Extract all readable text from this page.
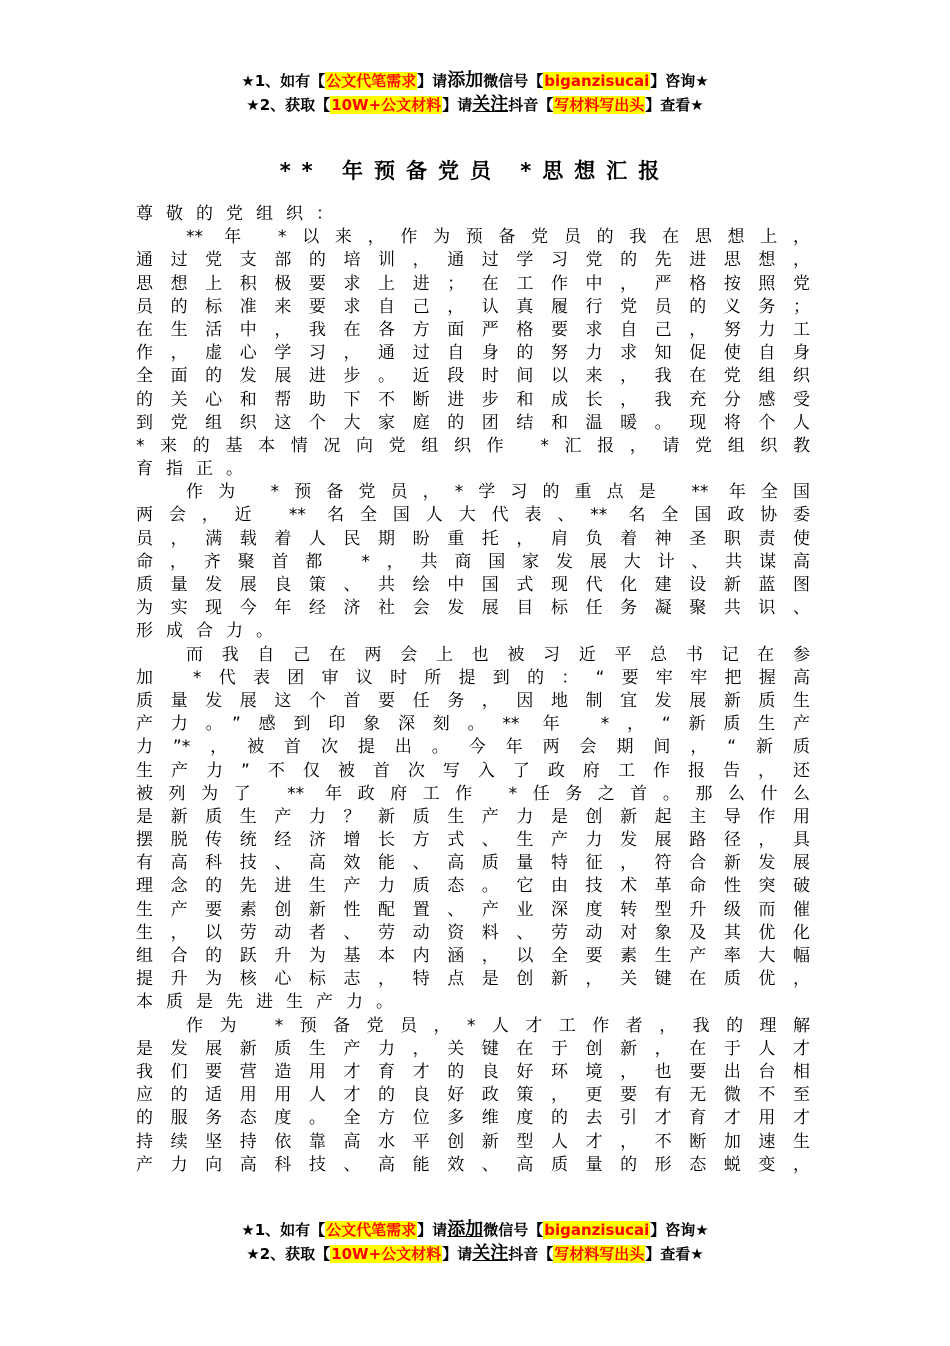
★1、如有【公文代笔需求】请添加微信号【biganzisucai】咨询★
★2、获取【10W+公文材料】请关注抖音【写材料写出头】查看★
** 年预备党员 *思想汇报
尊敬的党组织：
** 年 *以来，作为预备党员的我在思想上，
通过党支部的培训，通过学习党的先进思想，
思想上积极要求上进；在工作中，严格按照党
员的标准来要求自己，认真履行党员的义务；
在生活中，我在各方面严格要求自己，努力工
作，虚心学习，通过自身的努力求知促使自身
全面的发展进步。近段时间以来，我在党组织
的关心和帮助下不断进步和成长，我充分感受
到党组织这个大家庭的团结和温暖。现将个人
*来的基本情况向党组织作 *汇报，请党组织教
育指正。
作为 *预备党员，*学习的重点是 ** 年全国
两会，近 ** 名全国人大代表、** 名全国政协委
员，满载着人民期盼重托，肩负着神圣职责使
命，齐聚首都 *，共商国家发展大计、共谋高
质量发展良策、共绘中国式现代化建设新蓝图
为实现今年经济社会发展目标任务凝聚共识、
形成合力。
而我自己在两会上也被习近平总书记在参
加 *代表团审议时所提到的：“要牢牢把握高
质量发展这个首要任务，因地制宜发展新质生
产力。”感到印象深刻。** 年 *，“新质生产
力”*，被首次提出。今年两会期间，“新质
生产力”不仅被首次写入了政府工作报告，还
被列为了 ** 年政府工作 *任务之首。那么什么
是新质生产力？新质生产力是创新起主导作用
摆脱传统经济增长方式、生产力发展路径，具
有高科技、高效能、高质量特征，符合新发展
理念的先进生产力质态。它由技术革命性突破
生产要素创新性配置、产业深度转型升级而催
生，以劳动者、劳动资料、劳动对象及其优化
组合的跃升为基本内涵，以全要素生产率大幅
提升为核心标志，特点是创新，关键在质优，
本质是先进生产力。
作为 *预备党员，*人才工作者，我的理解
是发展新质生产力，关键在于创新，在于人才
我们要营造用才育才的良好环境，也要出台相
应的适用用人才的良好政策，更要有无微不至
的服务态度。全方位多维度的去引才育才用才
持续坚持依靠高水平创新型人才，不断加速生
产力向高科技、高能效、高质量的形态蜕变，
★1、如有【公文代笔需求】请添加微信号【biganzisucai】咨询★
★2、获取【10W+公文材料】请关注抖音【写材料写出头】查看★
